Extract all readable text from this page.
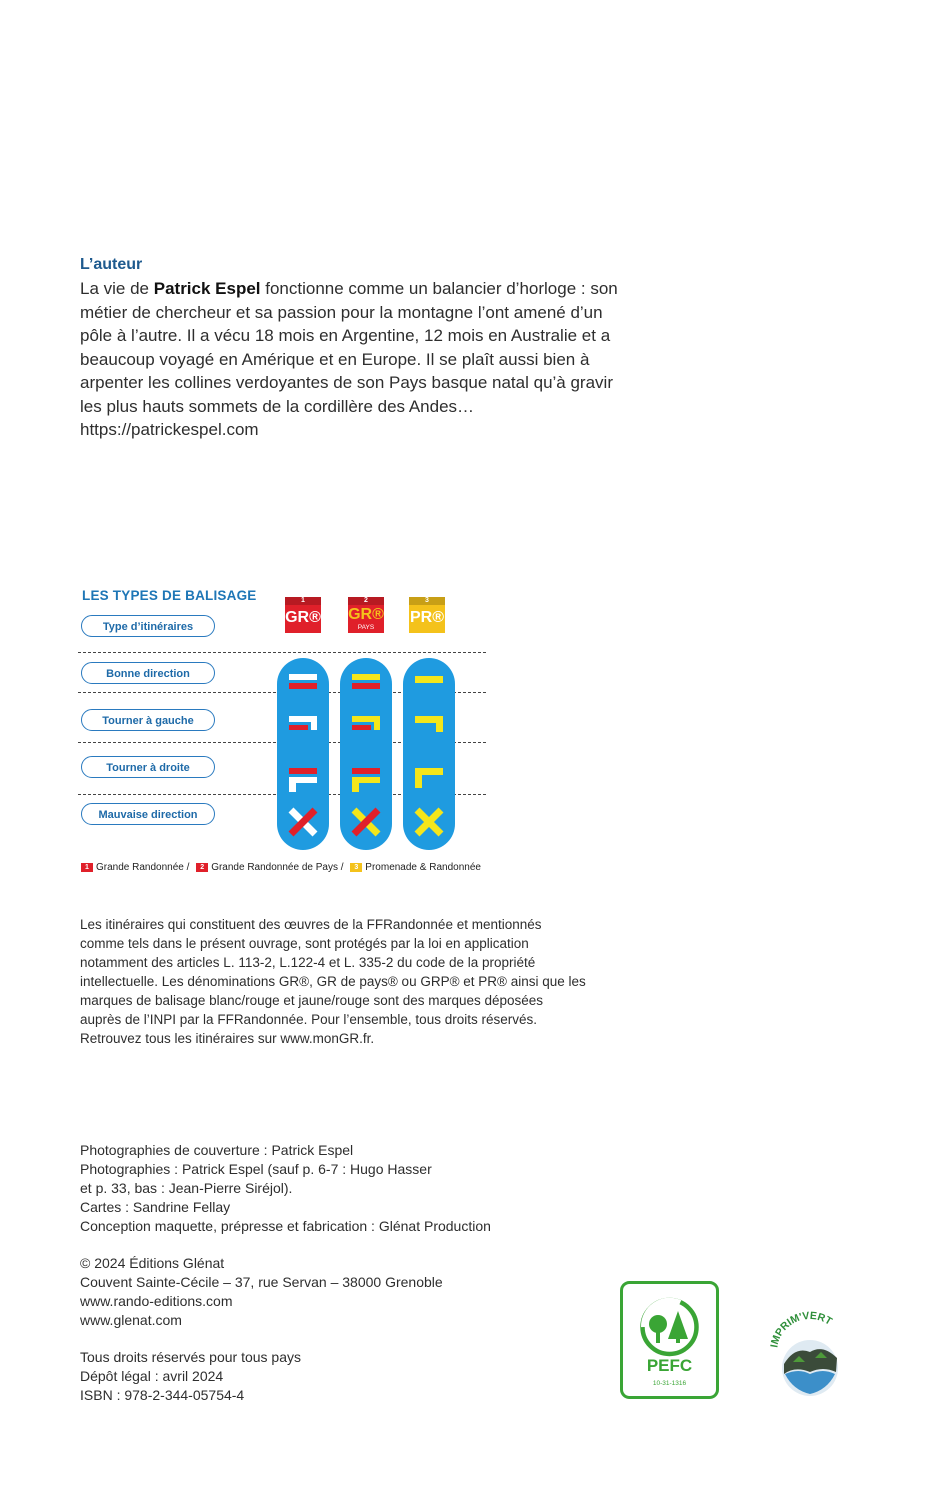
L’auteur

La vie de Patrick Espel fonctionne comme un balancier d’horloge : son
métier de chercheur et sa passion pour la montagne l’ont amené d’un
pôle à l’autre. Il a vécu 18 mois en Argentine, 12 mois en Australie et a
beaucoup voyagé en Amérique et en Europe. Il se plaît aussi bien à
arpenter les collines verdoyantes de son Pays basque natal qu’à gravir
les plus hauts sommets de la cordillère des Andes…
https://patrickespel.com

LES TYPES DE BALISAGE
Type d’itinéraires
Bonne direction
Tourner à gauche
Tourner à droite
Mauvaise direction
1
GR®
2
GR®
PAYS
3
PR®
1 Grande Randonnée / 2 Grande Randonnée de Pays / 3 Promenade & Randonnée

Les itinéraires qui constituent des œuvres de la FFRandonnée et mentionnés
comme tels dans le présent ouvrage, sont protégés par la loi en application
notamment des articles L. 113-2, L.122-4 et L. 335-2 du code de la propriété
intellectuelle. Les dénominations GR®, GR de pays® ou GRP® et PR® ainsi que les
marques de balisage blanc/rouge et jaune/rouge sont des marques déposées
auprès de l’INPI par la FFRandonnée. Pour l’ensemble, tous droits réservés.
Retrouvez tous les itinéraires sur www.monGR.fr.

Photographies de couverture : Patrick Espel
Photographies : Patrick Espel (sauf p. 6-7 : Hugo Hasser
et p. 33, bas : Jean-Pierre Siréjol).
Cartes : Sandrine Fellay
Conception maquette, prépresse et fabrication : Glénat Production

© 2024 Éditions Glénat
Couvent Sainte-Cécile – 37, rue Servan – 38000 Grenoble
www.rando-editions.com
www.glenat.com

Tous droits réservés pour tous pays
Dépôt légal : avril 2024
ISBN : 978-2-344-05754-4

PEFC
10-31-1316
IMPRIM'VERT
